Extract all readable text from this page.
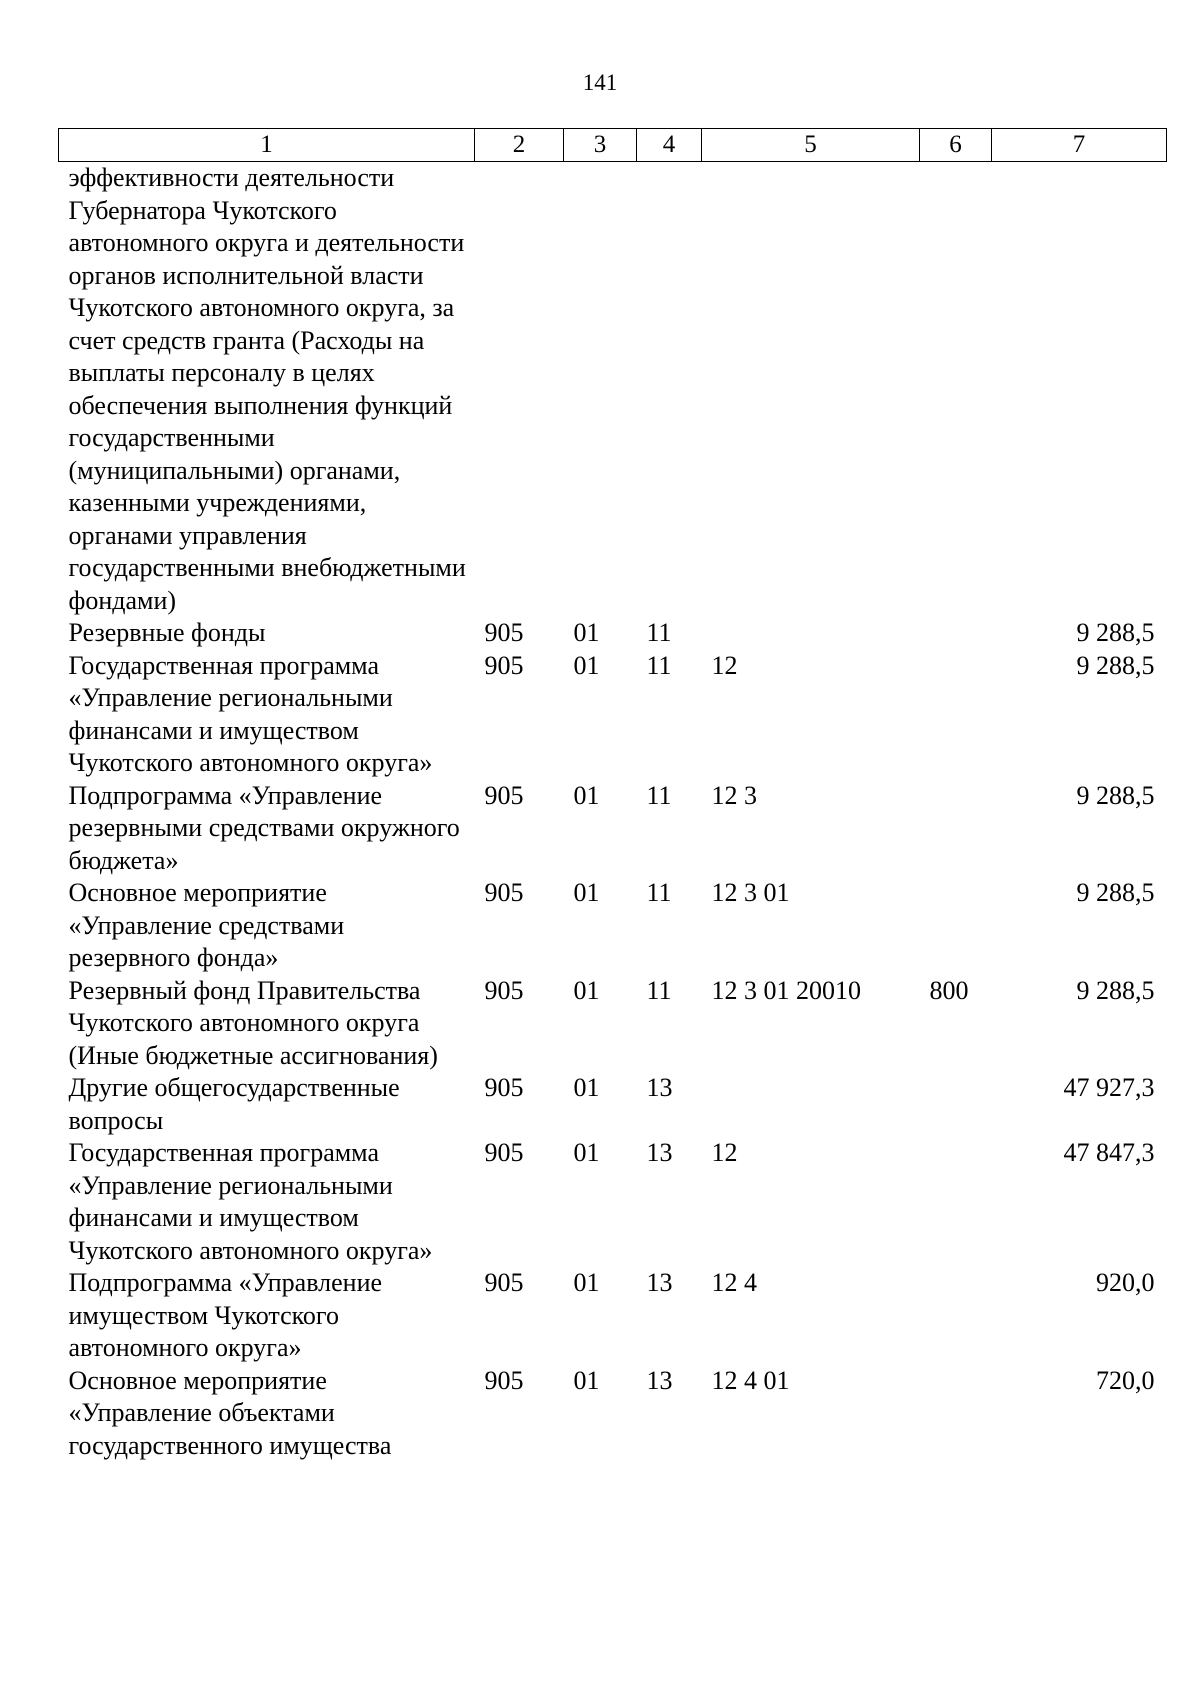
141
1	2	3	4	5	6	7
эффективности деятельности Губернатора Чукотского автономного округа и деятельности органов исполнительной власти Чукотского автономного округа, за счет средств гранта (Расходы на выплаты персоналу в целях обеспечения выполнения функций государственными (муниципальными) органами, казенными учреждениями, органами управления государственными внебюджетными фондами)						
Резервные фонды	905	01	11			9 288,5
Государственная программа «Управление региональными финансами и имуществом Чукотского автономного округа»	905	01	11	12		9 288,5
Подпрограмма «Управление резервными средствами окружного бюджета»	905	01	11	12 3		9 288,5
Основное мероприятие «Управление средствами резервного фонда»	905	01	11	12 3 01		9 288,5
Резервный фонд Правительства Чукотского автономного округа (Иные бюджетные ассигнования)	905	01	11	12 3 01 20010	800	9 288,5
Другие общегосударственные вопросы	905	01	13			47 927,3
Государственная программа «Управление региональными финансами и имуществом Чукотского автономного округа»	905	01	13	12		47 847,3
Подпрограмма «Управление имуществом Чукотского автономного округа»	905	01	13	12 4		920,0
Основное мероприятие «Управление объектами государственного имущества	905	01	13	12 4 01		720,0
